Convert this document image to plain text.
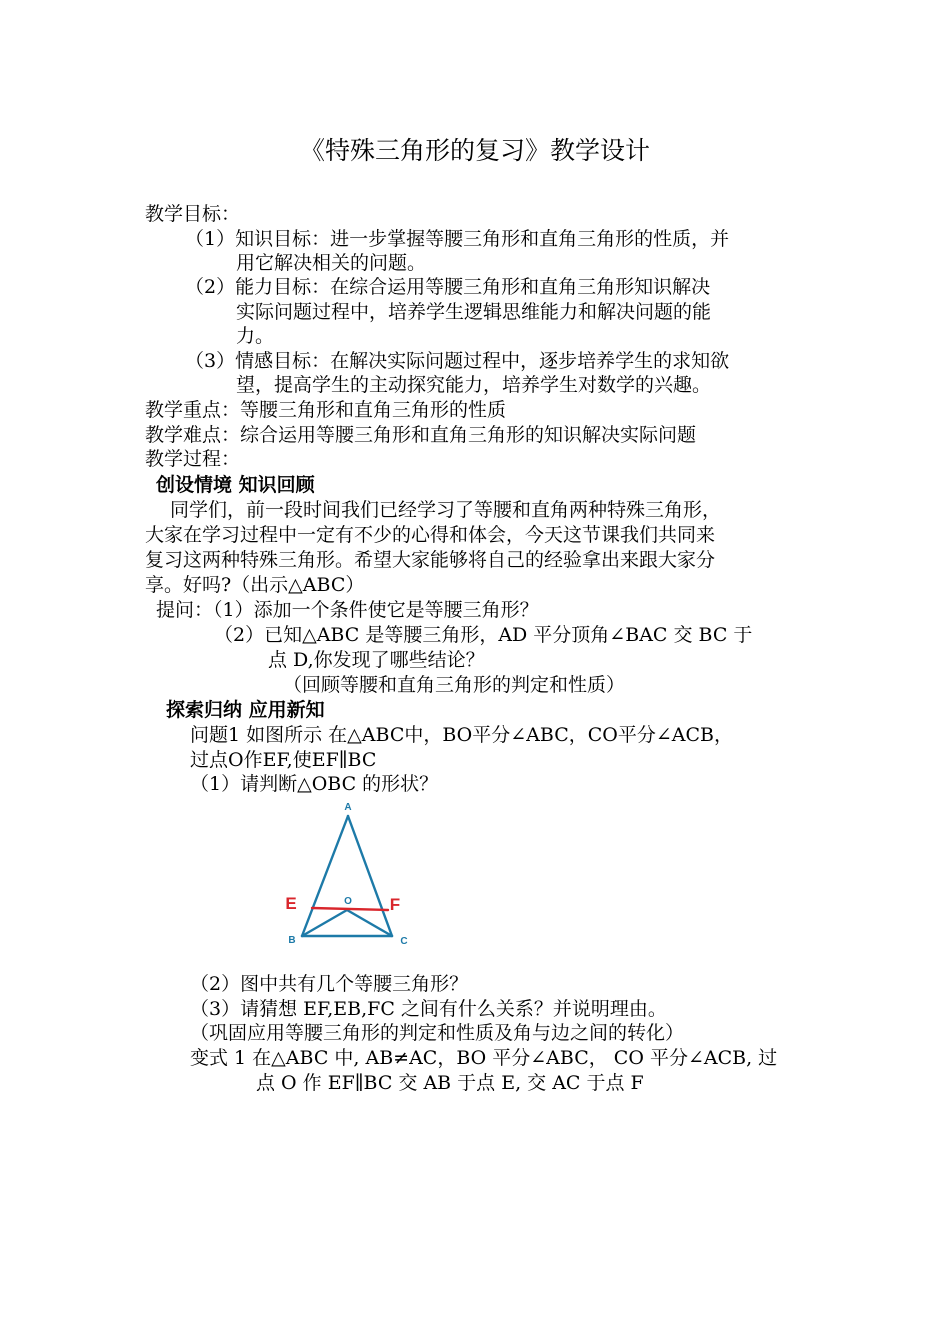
《特殊三角形的复习》教学设计
教学目标：
（1）知识目标：进一步掌握等腰三角形和直角三角形的性质，并
用它解决相关的问题。
（2）能力目标：在综合运用等腰三角形和直角三角形知识解决
实际问题过程中，培养学生逻辑思维能力和解决问题的能
力。
（3）情感目标：在解决实际问题过程中，逐步培养学生的求知欲
望，提高学生的主动探究能力，培养学生对数学的兴趣。
教学重点：等腰三角形和直角三角形的性质
教学难点：综合运用等腰三角形和直角三角形的知识解决实际问题
教学过程：
创设情境 知识回顾
同学们，前一段时间我们已经学习了等腰和直角两种特殊三角形，
大家在学习过程中一定有不少的心得和体会，今天这节课我们共同来
复习这两种特殊三角形。希望大家能够将自己的经验拿出来跟大家分
享。好吗?（出示△ABC）
提问：（1）添加一个条件使它是等腰三角形？
（2）已知△ABC 是等腰三角形，AD 平分顶角∠BAC 交 BC 于
点 D,你发现了哪些结论？
（回顾等腰和直角三角形的判定和性质）
探索归纳 应用新知
问题1 如图所示 在△ABC中，BO平分∠ABC，CO平分∠ACB，
过点O作EF,使EF∥BC
（1）请判断△OBC 的形状？
A
O
B	C
E	F
（2）图中共有几个等腰三角形？
（3）请猜想 EF,EB,FC 之间有什么关系？并说明理由。
（巩固应用等腰三角形的判定和性质及角与边之间的转化）
变式 1 在△ABC 中, AB≠AC，BO 平分∠ABC， CO 平分∠ACB, 过
点 O 作 EF∥BC 交 AB 于点 E, 交 AC 于点 F
